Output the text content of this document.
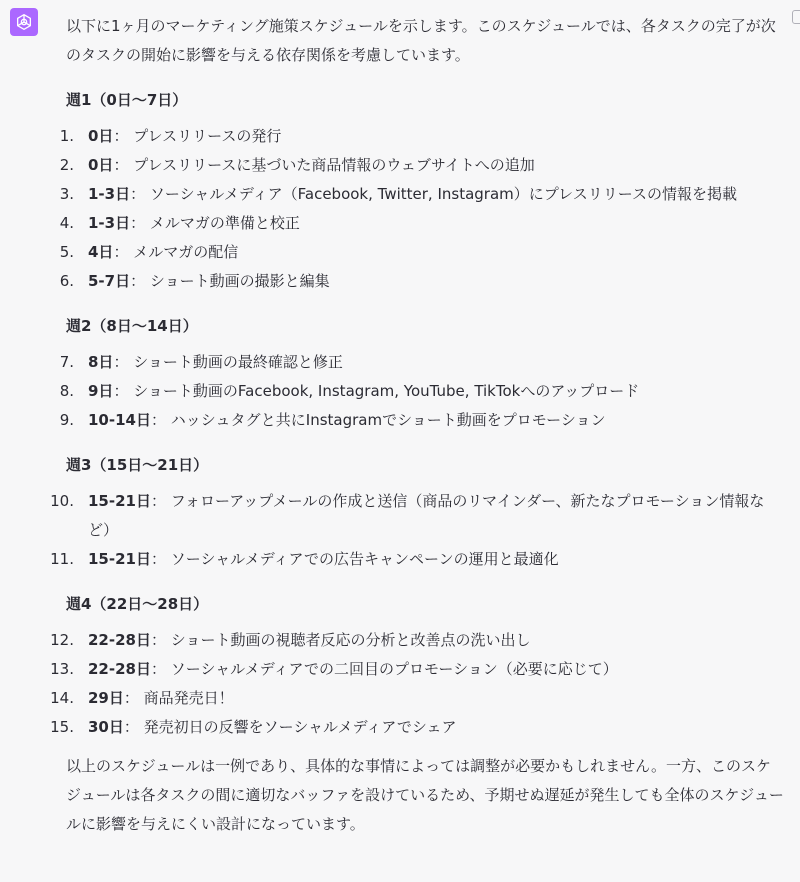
以下に1ヶ月のマーケティング施策スケジュールを示します。このスケジュールでは、各タスクの完了が次のタスクの開始に影響を与える依存関係を考慮しています。

週1（0日〜7日）
1. 0日： プレスリリースの発行
2. 0日： プレスリリースに基づいた商品情報のウェブサイトへの追加
3. 1-3日： ソーシャルメディア（Facebook, Twitter, Instagram）にプレスリリースの情報を掲載
4. 1-3日： メルマガの準備と校正
5. 4日： メルマガの配信
6. 5-7日： ショート動画の撮影と編集
週2（8日〜14日）
7. 8日： ショート動画の最終確認と修正
8. 9日： ショート動画のFacebook, Instagram, YouTube, TikTokへのアップロード
9. 10-14日： ハッシュタグと共にInstagramでショート動画をプロモーション
週3（15日〜21日）
10. 15-21日： フォローアップメールの作成と送信（商品のリマインダー、新たなプロモーション情報など）
11. 15-21日： ソーシャルメディアでの広告キャンペーンの運用と最適化
週4（22日〜28日）
12. 22-28日： ショート動画の視聴者反応の分析と改善点の洗い出し
13. 22-28日： ソーシャルメディアでの二回目のプロモーション（必要に応じて）
14. 29日： 商品発売日！
15. 30日： 発売初日の反響をソーシャルメディアでシェア

以上のスケジュールは一例であり、具体的な事情によっては調整が必要かもしれません。一方、このスケジュールは各タスクの間に適切なバッファを設けているため、予期せぬ遅延が発生しても全体のスケジュールに影響を与えにくい設計になっています。
